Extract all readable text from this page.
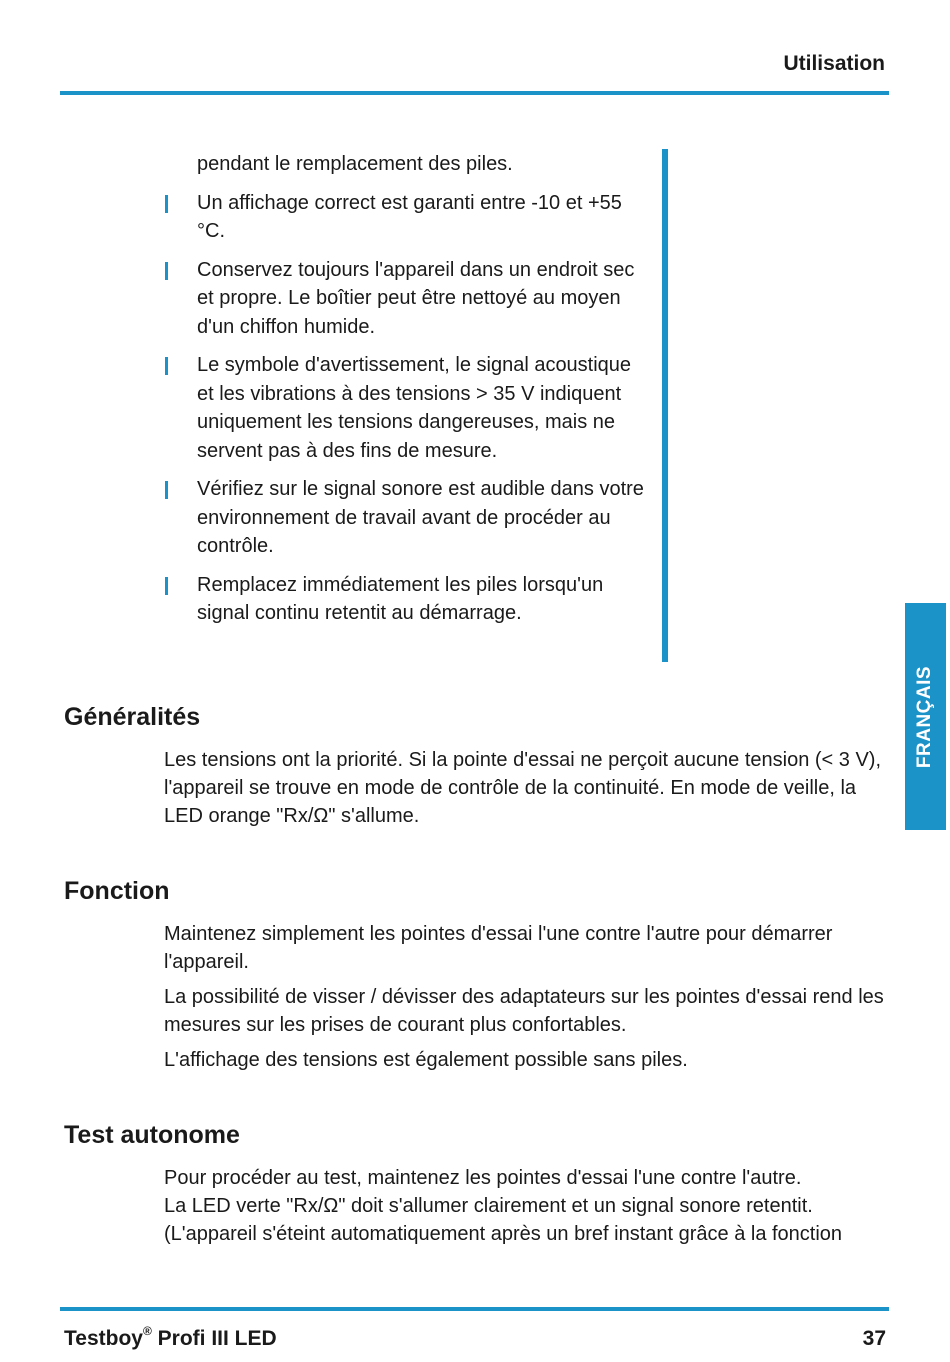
Utilisation
pendant le remplacement des piles.
Un affichage correct est garanti entre -10 et +55 °C.
Conservez toujours l'appareil dans un endroit sec et propre. Le boîtier peut être nettoyé au moyen d'un chiffon humide.
Le symbole d'avertissement, le signal acoustique et les vibrations à des tensions > 35 V indiquent uniquement les tensions dangereuses, mais ne servent pas à des fins de mesure.
Vérifiez sur le signal sonore est audible dans votre environnement de travail avant de procéder au contrôle.
Remplacez immédiatement les piles lorsqu'un signal continu retentit au démarrage.
Généralités

Les tensions ont la priorité. Si la pointe d'essai ne perçoit aucune tension (< 3 V), l'appareil se trouve en mode de contrôle de la continuité. En mode de veille, la LED orange "Rx/Ω" s'allume.

FRANÇAIS
Fonction

Maintenez simplement les pointes d'essai l'une contre l'autre pour démarrer l'appareil.

La possibilité de visser / dévisser des adaptateurs sur les pointes d'essai rend les mesures sur les prises de courant plus confortables.

L'affichage des tensions est également possible sans piles.

Test autonome
Pour procéder au test, maintenez les pointes d'essai l'une contre l'autre.
La LED verte "Rx/Ω" doit s'allumer clairement et un signal sonore retentit.
(L'appareil s'éteint automatiquement après un bref instant grâce à la fonction
Testboy® Profi III LED	37
